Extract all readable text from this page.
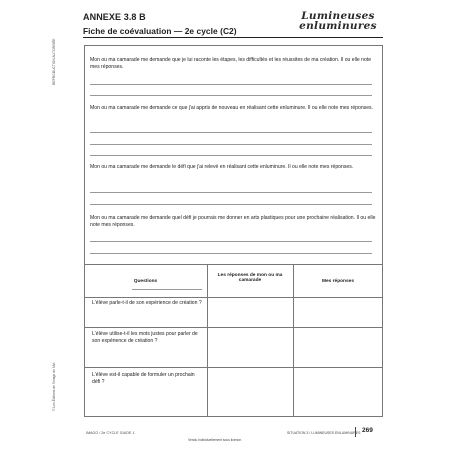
ANNEXE 3.8 B
Fiche de coévaluation — 2e cycle (C2)
Lumineuses
enluminures
REPRODUCTION AUTORISÉE
© Les Éditions de l'Image de l'Art
Mon ou ma camarade me demande que je lui raconte les étapes, les difficultés et les réussites de ma création. Il ou elle note mes réponses.
Mon ou ma camarade me demande ce que j'ai appris de nouveau en réalisant cette enluminure. Il ou elle note mes réponses.
Mon ou ma camarade me demande le défi que j'ai relevé en réalisant cette enluminure. Il ou elle note mes réponses.
Mon ou ma camarade me demande quel défi je pourrais me donner en arts plastiques pour une prochaine réalisation. Il ou elle note mes réponses.
Questions
Les réponses de mon ou ma camarade	Mes réponses
L'élève parle-t-il de son expérience de création ?
L'élève utilise-t-il les mots justes pour parler de son expérience de création ?
L'élève est-il capable de formuler un prochain défi ?
IMAGO / 2e CYCLE GUIDE 1	SITUATION 3 / LUMINEUSES ENLUMINURES 269
Vendu individuellement sous licence.
